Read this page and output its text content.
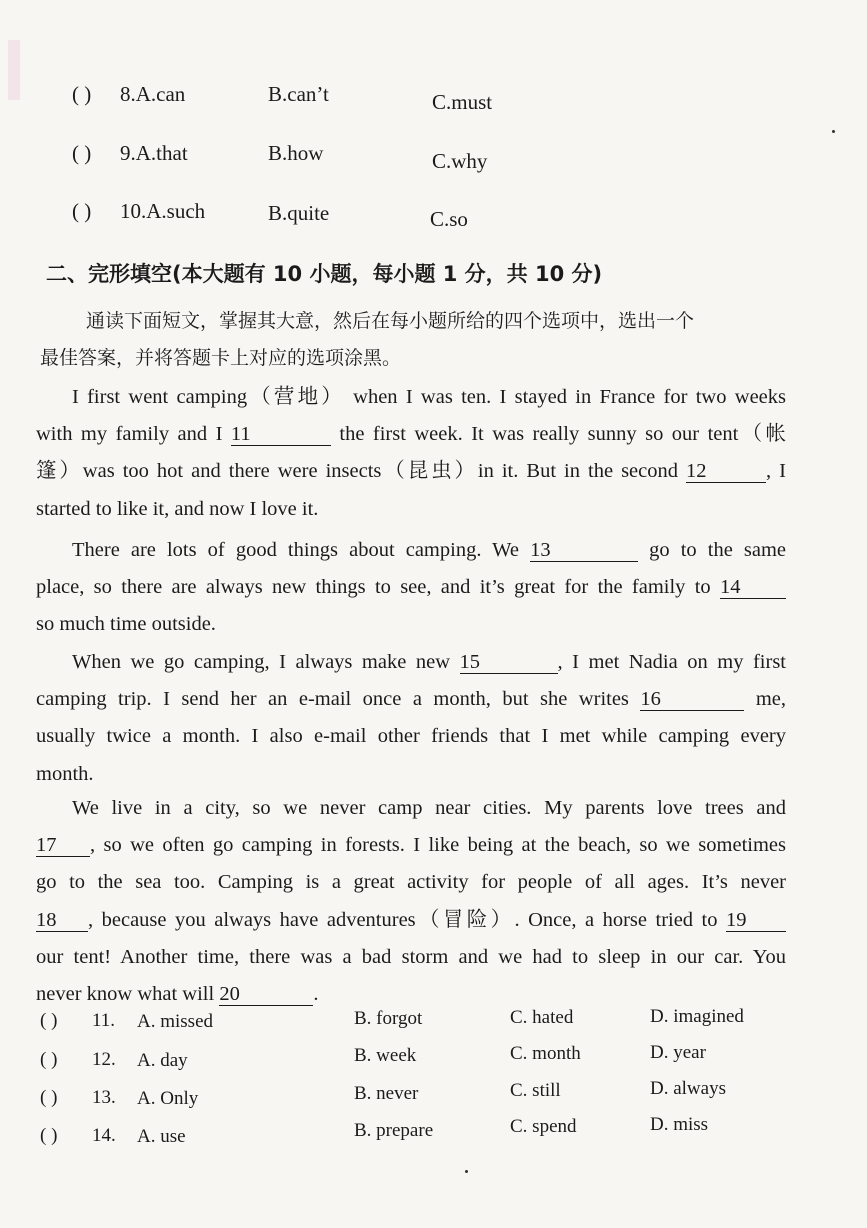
( ) 8.A.can	B.can’t	C.must
( ) 9.A.that	B.how	C.why
( ) 10.A.such	B.quite	C.so
二、完形填空(本大题有 10 小题，每小题 1 分，共 10 分)
通读下面短文，掌握其大意，然后在每小题所给的四个选项中，选出一个
最佳答案，并将答题卡上对应的选项涂黑。
I first went camping（营地） when I was ten. I stayed in France for two weeks
with my family and I 11	the first week. It was really sunny so our tent（帐
篷）was too hot and there were insects（昆虫）in it. But in the second 12	, I
started to like it, and now I love it.
There are lots of good things about camping. We 13	go to the same
place, so there are always new things to see, and it’s great for the family to 14
so much time outside.
When we go camping, I always make new 15	, I met Nadia on my first
camping trip. I send her an e-mail once a month, but she writes 16	me,
usually twice a month. I also e-mail other friends that I met while camping every
month.
We live in a city, so we never camp near cities. My parents love trees and
17 , so we often go camping in forests. I like being at the beach, so we sometimes
go to the sea too. Camping is a great activity for people of all ages. It’s never
18 , because you always have adventures（冒险）. Once, a horse tried to 19
our tent! Another time, there was a bad storm and we had to sleep in our car. You
never know what will 20	.
( ) 11. A. missed	B. forgot	C. hated	D. imagined
( ) 12. A. day	B. week	C. month	D. year
( ) 13. A. Only	B. never	C. still	D. always
( ) 14. A. use	B. prepare	C. spend	D. miss
